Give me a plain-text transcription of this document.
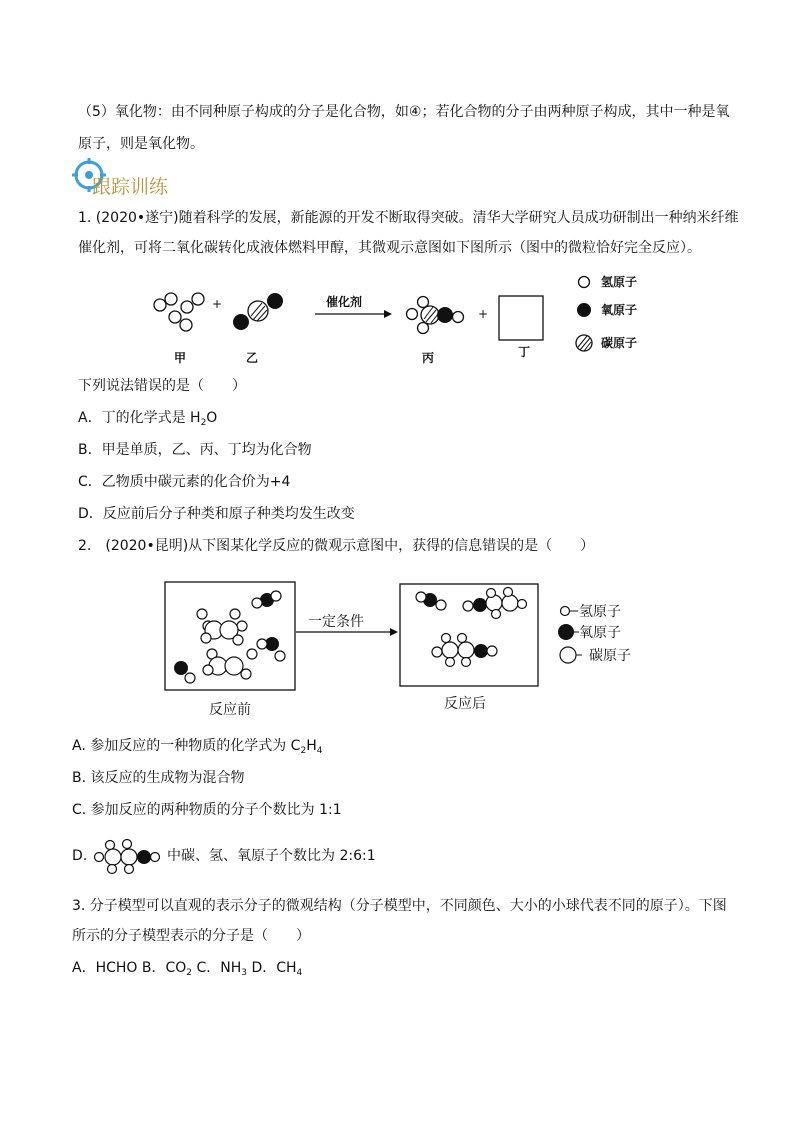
（5）氧化物：由不同种原子构成的分子是化合物，如④；若化合物的分子由两种原子构成，其中一种是氧
原子，则是氧化物。
跟踪训练
1. (2020•遂宁)随着科学的发展，新能源的开发不断取得突破。清华大学研究人员成功研制出一种纳米纤维
催化剂，可将二氧化碳转化成液体燃料甲醇，其微观示意图如下图所示（图中的微粒恰好完全反应）。
+	催化剂
+
甲	乙	丙	丁
氢原子
氧原子
碳原子
下列说法错误的是（　　）
A．丁的化学式是 $H_2O$
B．甲是单质，乙、丙、丁均为化合物
C．乙物质中碳元素的化合价为+4
D．反应前后分子种类和原子种类均发生改变
2.　(2020•昆明)从下图某化学反应的微观示意图中，获得的信息错误的是（　　）
一定条件
反应前	反应后
氢原子
氧原子
碳原子
A. 参加反应的一种物质的化学式为 $C_2H_4$
B. 该反应的生成物为混合物
C. 参加反应的两种物质的分子个数比为 1:1
D.	中碳、氢、氧原子个数比为 2:6:1
3. 分子模型可以直观的表示分子的微观结构（分子模型中，不同颜色、大小的小球代表不同的原子）。下图
所示的分子模型表示的分子是（　　）
A．HCHO B．$CO_2$ C．$NH_3$ D．$CH_4$
